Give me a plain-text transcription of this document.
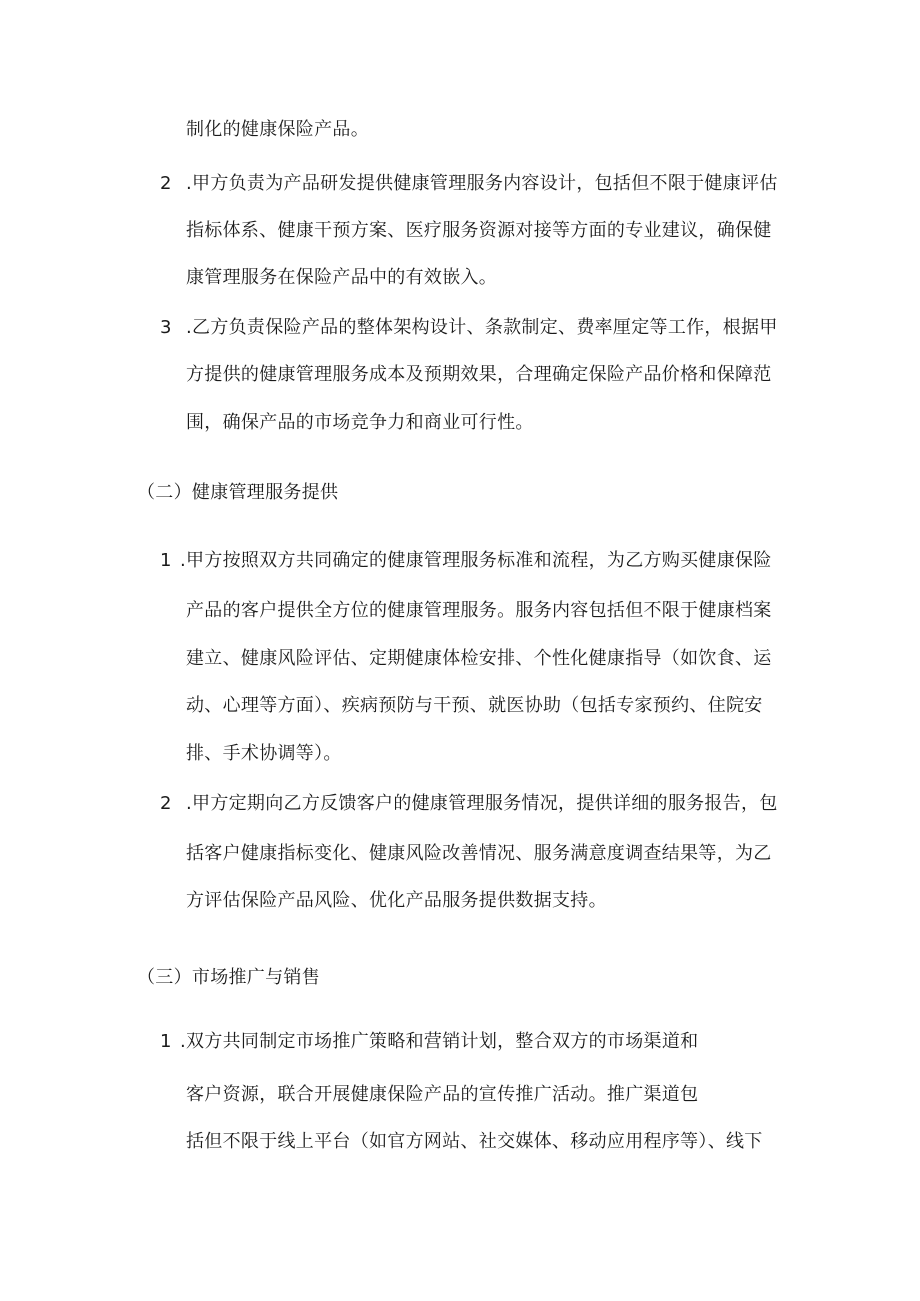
制化的健康保险产品。
2 .甲方负责为产品研发提供健康管理服务内容设计，包括但不限于健康评估
指标体系、健康干预方案、医疗服务资源对接等方面的专业建议，确保健
康管理服务在保险产品中的有效嵌入。
3 .乙方负责保险产品的整体架构设计、条款制定、费率厘定等工作，根据甲
方提供的健康管理服务成本及预期效果，合理确定保险产品价格和保障范
围，确保产品的市场竞争力和商业可行性。
（二）健康管理服务提供
1 .甲方按照双方共同确定的健康管理服务标准和流程，为乙方购买健康保险
产品的客户提供全方位的健康管理服务。服务内容包括但不限于健康档案
建立、健康风险评估、定期健康体检安排、个性化健康指导（如饮食、运
动、心理等方面）、疾病预防与干预、就医协助（包括专家预约、住院安
排、手术协调等）。
2 .甲方定期向乙方反馈客户的健康管理服务情况，提供详细的服务报告，包
括客户健康指标变化、健康风险改善情况、服务满意度调查结果等，为乙
方评估保险产品风险、优化产品服务提供数据支持。
（三）市场推广与销售
1 .双方共同制定市场推广策略和营销计划，整合双方的市场渠道和
客户资源，联合开展健康保险产品的宣传推广活动。推广渠道包
括但不限于线上平台（如官方网站、社交媒体、移动应用程序等）、线下
